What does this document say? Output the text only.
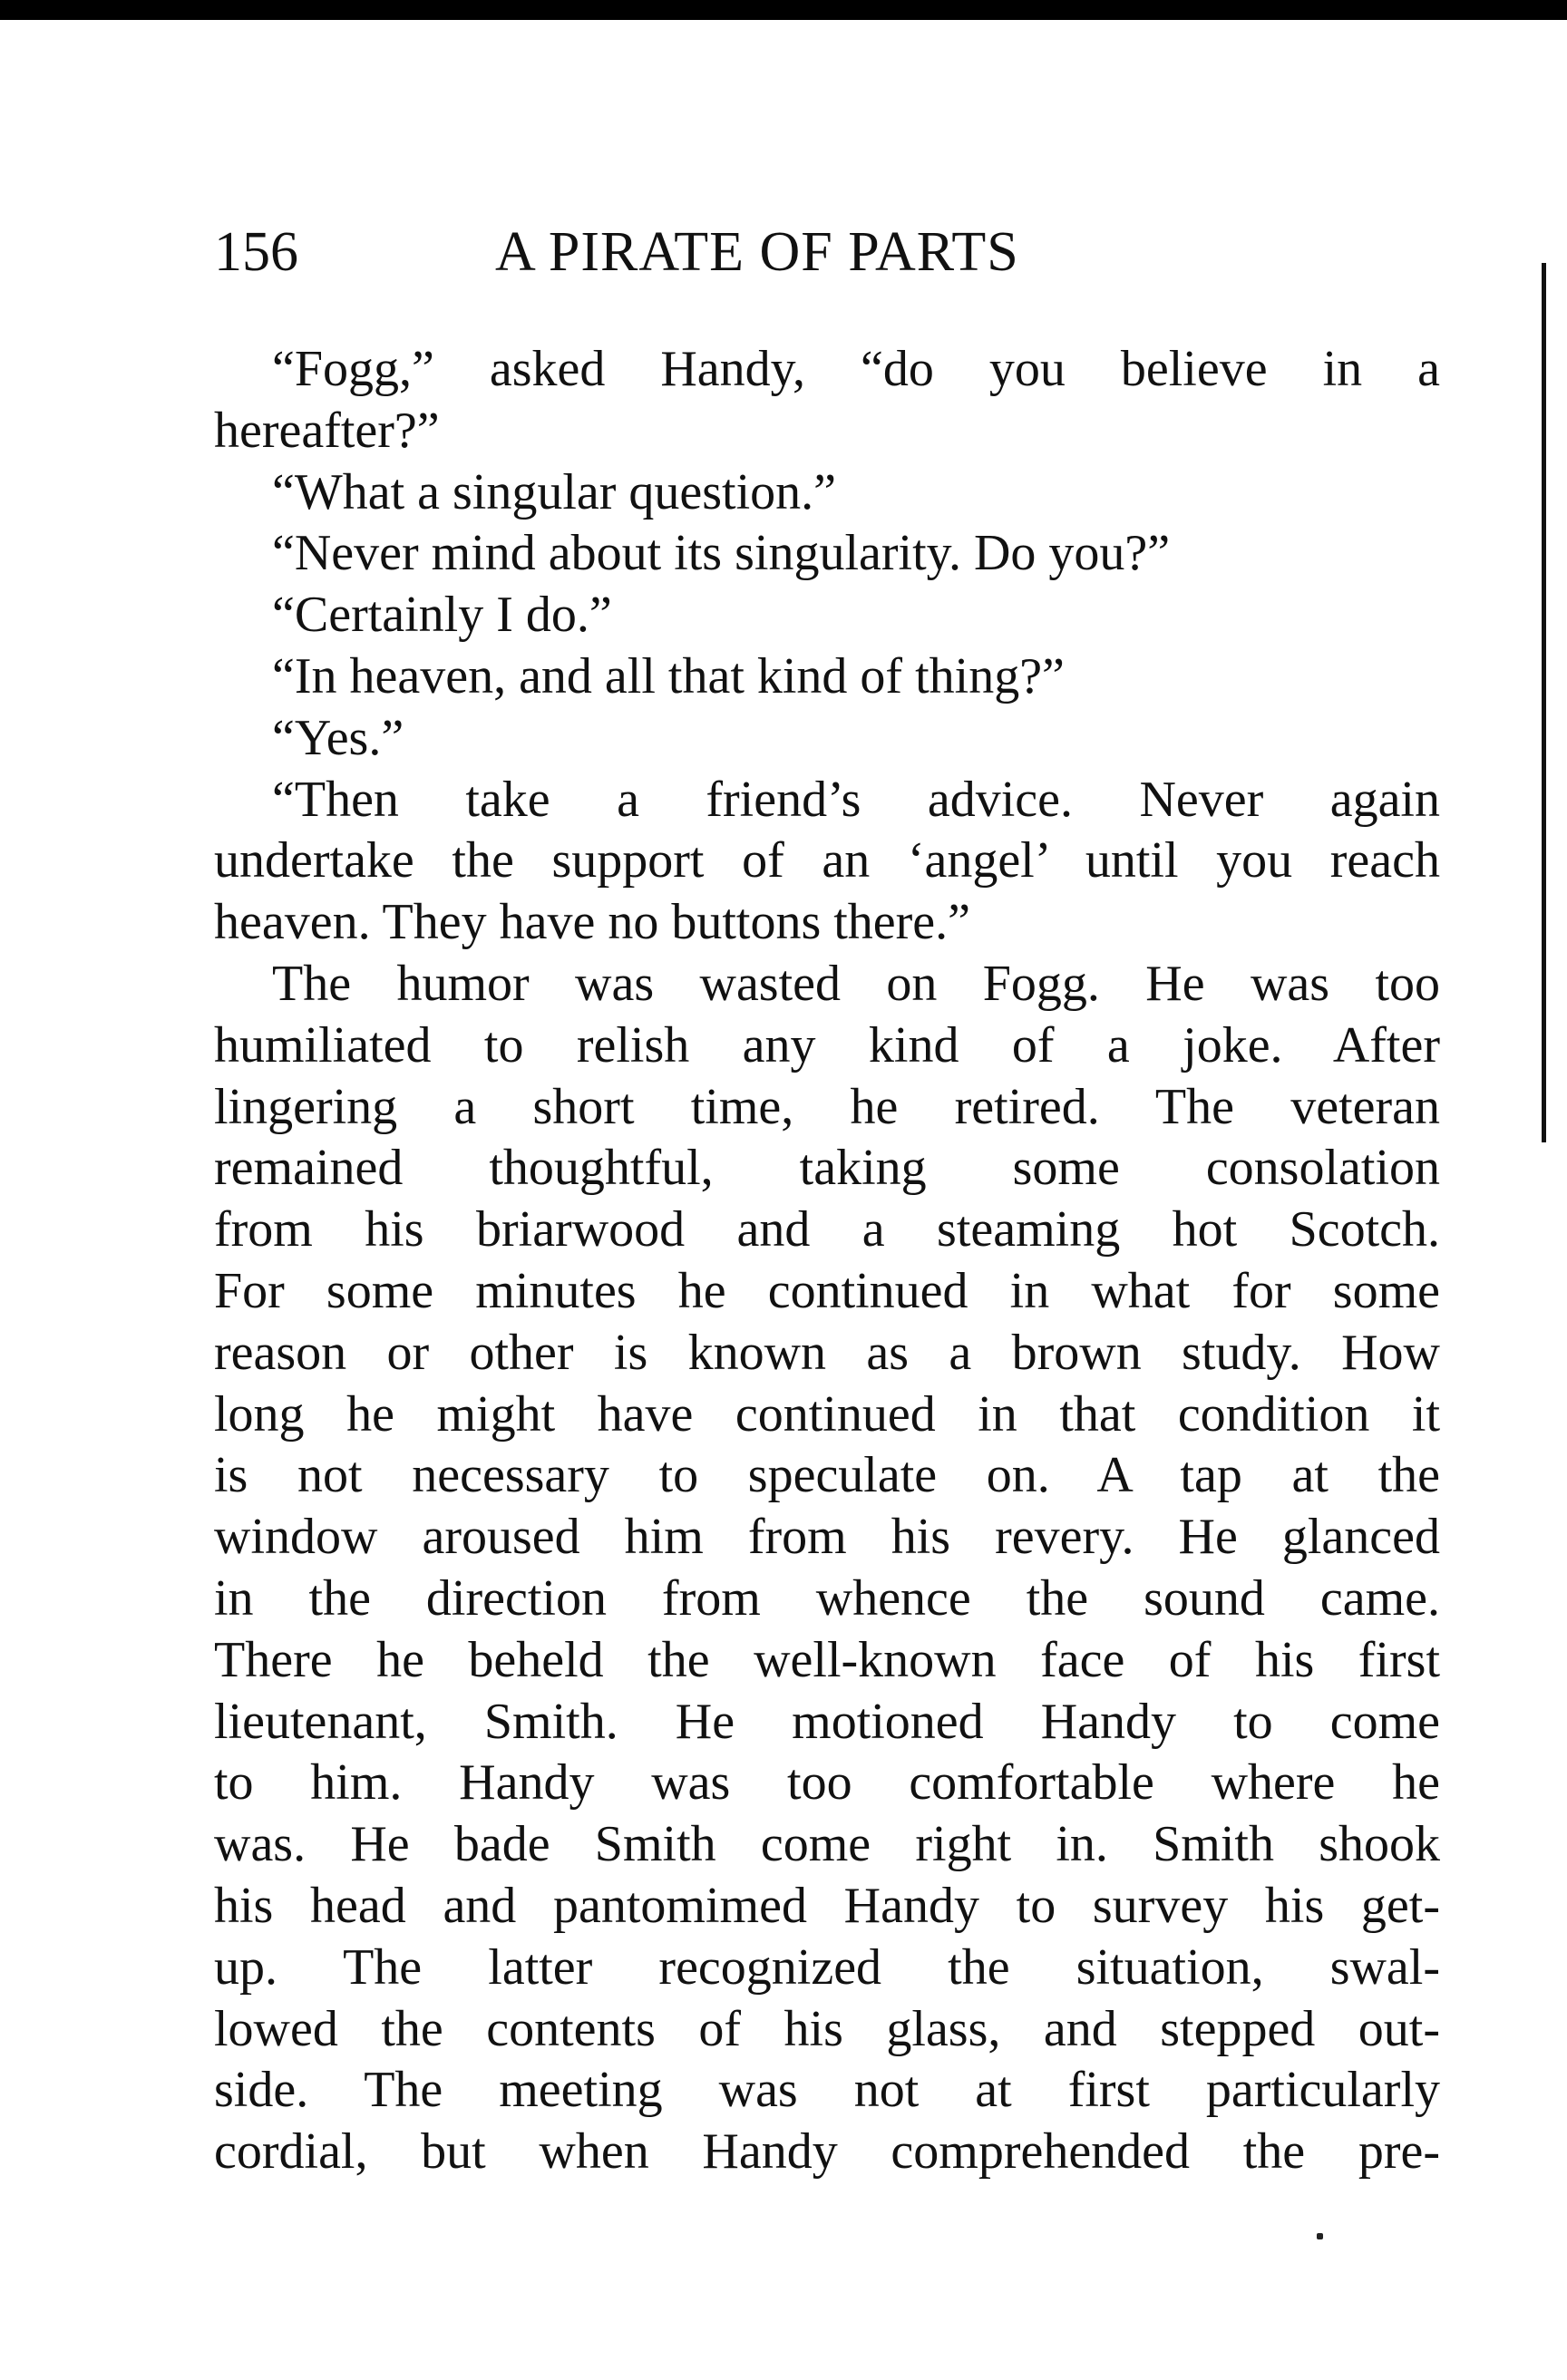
156	A PIRATE OF PARTS
“Fogg,” asked Handy, “do you believe in a
hereafter?”
“What a singular question.”
“Never mind about its singularity. Do you?”
“Certainly I do.”
“In heaven, and all that kind of thing?”
“Yes.”
“Then take a friend’s advice. Never again
undertake the support of an ‘angel’ until you reach
heaven. They have no buttons there.”
The humor was wasted on Fogg. He was too
humiliated to relish any kind of a joke. After
lingering a short time, he retired. The veteran
remained thoughtful, taking some consolation
from his briarwood and a steaming hot Scotch.
For some minutes he continued in what for some
reason or other is known as a brown study. How
long he might have continued in that condition it
is not necessary to speculate on. A tap at the
window aroused him from his revery. He glanced
in the direction from whence the sound came.
There he beheld the well-known face of his first
lieutenant, Smith. He motioned Handy to come
to him. Handy was too comfortable where he
was. He bade Smith come right in. Smith shook
his head and pantomimed Handy to survey his get-
up. The latter recognized the situation, swal-
lowed the contents of his glass, and stepped out-
side. The meeting was not at first particularly
cordial, but when Handy comprehended the pre-
